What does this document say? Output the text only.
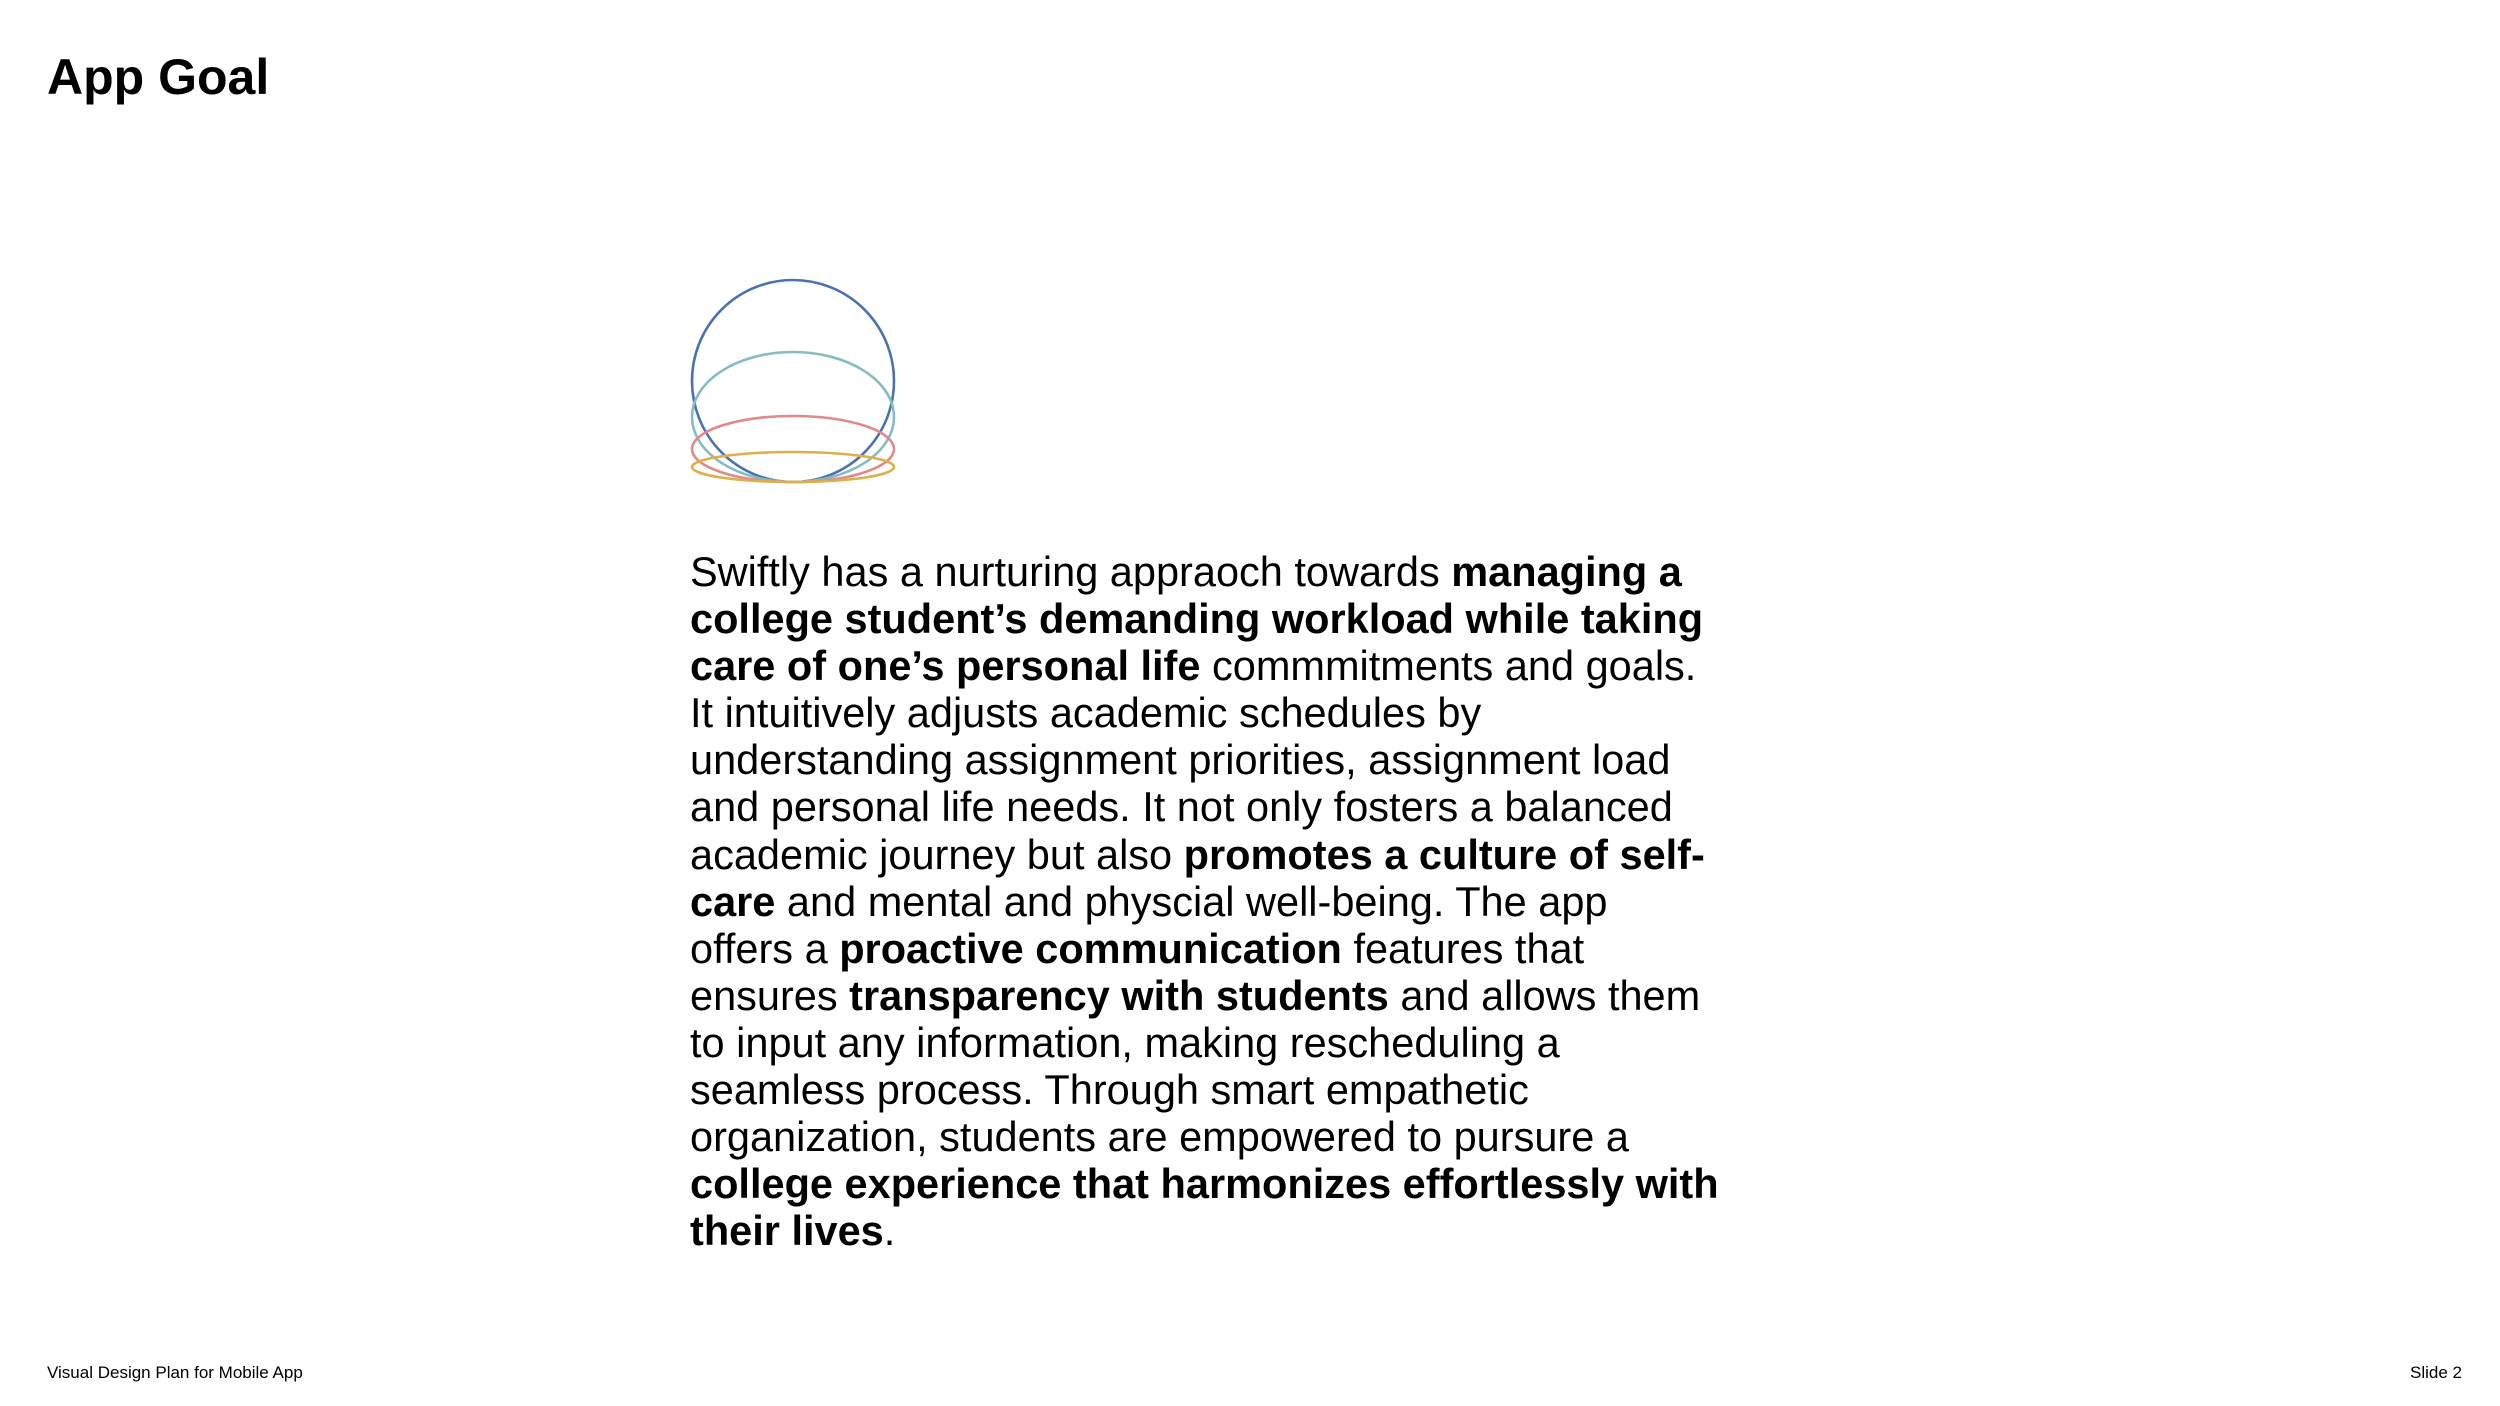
App Goal

Swiftly has a nurturing appraoch towards managing a college student’s demanding workload while taking care of one’s personal life commmitments and goals. It intuitively adjusts academic schedules by understanding assignment priorities, assignment load and personal life needs. It not only fosters a balanced academic journey but also promotes a culture of self-care and mental and physcial well-being. The app offers a proactive communication features that ensures transparency with students and allows them to input any information, making rescheduling a seamless process. Through smart empathetic organization, students are empowered to pursure a college experience that harmonizes effortlessly with their lives.

Visual Design Plan for Mobile App	Slide 2
